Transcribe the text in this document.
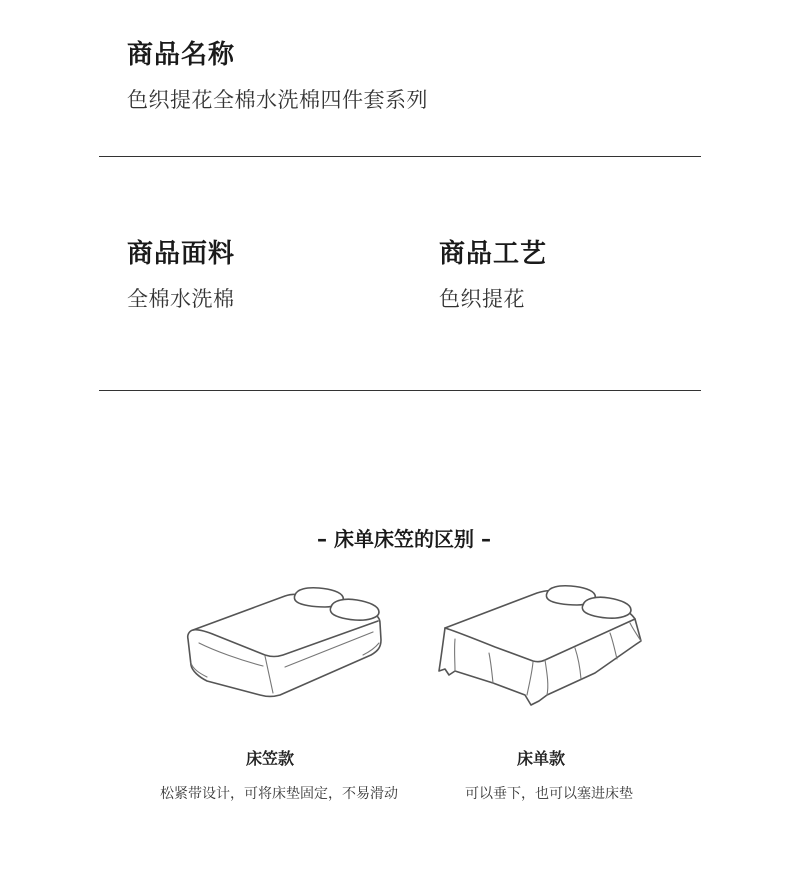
商品名称
色织提花全棉水洗棉四件套系列
商品面料
全棉水洗棉
商品工艺
色织提花
– 床单床笠的区别 –
床笠款
松紧带设计，可将床垫固定，不易滑动
床单款
可以垂下，也可以塞进床垫
